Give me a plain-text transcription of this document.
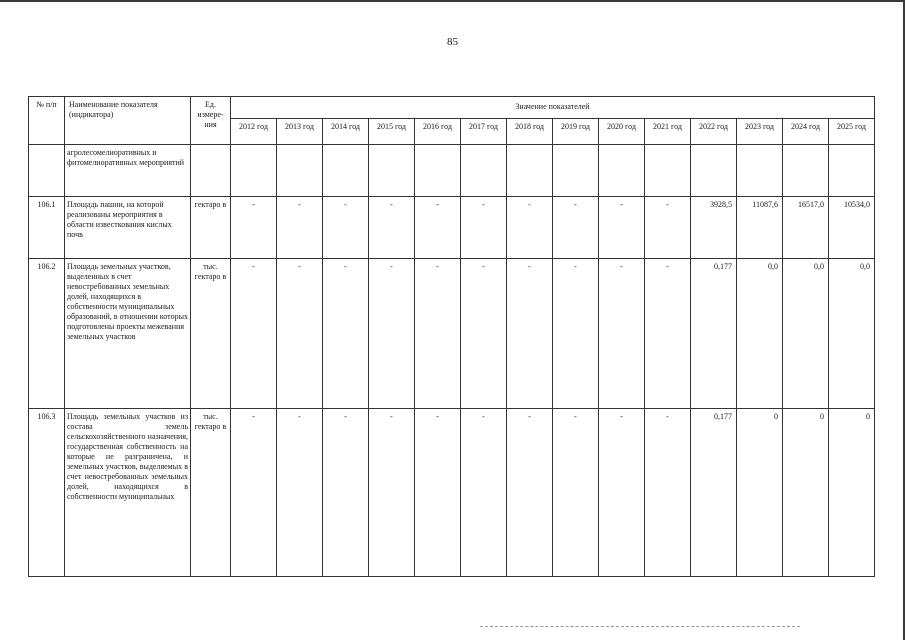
85
№ п/п	Наименование показателя (индикатора)	Ед. измере- ния	Значение показателей													
			2012 год	2013 год	2014 год	2015 год	2016 год	2017 год	2018 год	2019 год	2020 год	2021 год	2022 год	2023 год	2024 год	2025 год
	агролесомелиоративных и фитомелиоративных мероприятий															
106.1	Площадь пашни, на которой реализованы мероприятия в области известкования кислых почв	гектаро в	-	-	-	-	-	-	-	-	-	-	3928,5	11087,6	16517,0	10534,0
106.2	Площадь земельных участков, выделенных в счет невостребованных земельных долей, находящихся в собственности муниципальных образований, в отношении которых подготовлены проекты межевания земельных участков	тыс. гектаро в	-	-	-	-	-	-	-	-	-	-	0,177	0,0	0,0	0,0
106.3	Площадь земельных участков из состава земель сельскохозяйственного назначения, государственная собственность на которые не разграничена, и земельных участков, выделяемых в счет невостребованных земельных долей, находящихся в собственности муниципальных	тыс. гектаро в	-	-	-	-	-	-	-	-	-	-	0,177	0	0	0
